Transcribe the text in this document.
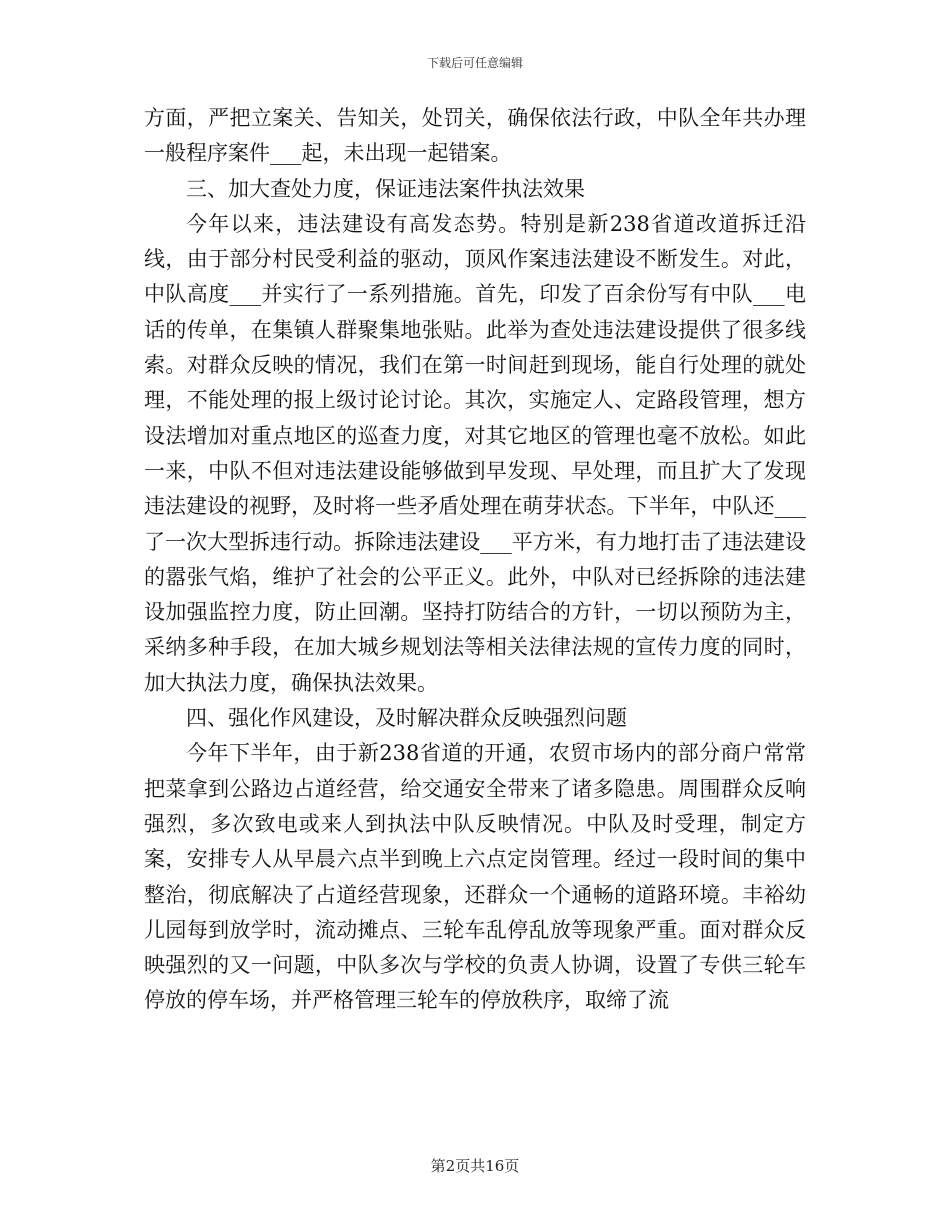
下载后可任意编辑

方面，严把立案关、告知关，处罚关，确保依法行政，中队全年共办理一般程序案件___起，未出现一起错案。

三、加大查处力度，保证违法案件执法效果

今年以来，违法建设有高发态势。特别是新238省道改道拆迁沿线，由于部分村民受利益的驱动，顶风作案违法建设不断发生。对此，中队高度___并实行了一系列措施。首先，印发了百余份写有中队___电话的传单，在集镇人群聚集地张贴。此举为查处违法建设提供了很多线索。对群众反映的情况，我们在第一时间赶到现场，能自行处理的就处理，不能处理的报上级讨论讨论。其次，实施定人、定路段管理，想方设法增加对重点地区的巡查力度，对其它地区的管理也毫不放松。如此一来，中队不但对违法建设能够做到早发现、早处理，而且扩大了发现违法建设的视野，及时将一些矛盾处理在萌芽状态。下半年，中队还___了一次大型拆违行动。拆除违法建设___平方米，有力地打击了违法建设的嚣张气焰，维护了社会的公平正义。此外，中队对已经拆除的违法建设加强监控力度，防止回潮。坚持打防结合的方针，一切以预防为主，采纳多种手段，在加大城乡规划法等相关法律法规的宣传力度的同时，加大执法力度，确保执法效果。

四、强化作风建设，及时解决群众反映强烈问题

今年下半年，由于新238省道的开通，农贸市场内的部分商户常常把菜拿到公路边占道经营，给交通安全带来了诸多隐患。周围群众反响强烈，多次致电或来人到执法中队反映情况。中队及时受理，制定方案，安排专人从早晨六点半到晚上六点定岗管理。经过一段时间的集中整治，彻底解决了占道经营现象，还群众一个通畅的道路环境。丰裕幼儿园每到放学时，流动摊点、三轮车乱停乱放等现象严重。面对群众反映强烈的又一问题，中队多次与学校的负责人协调，设置了专供三轮车停放的停车场，并严格管理三轮车的停放秩序，取缔了流

第2页共16页
